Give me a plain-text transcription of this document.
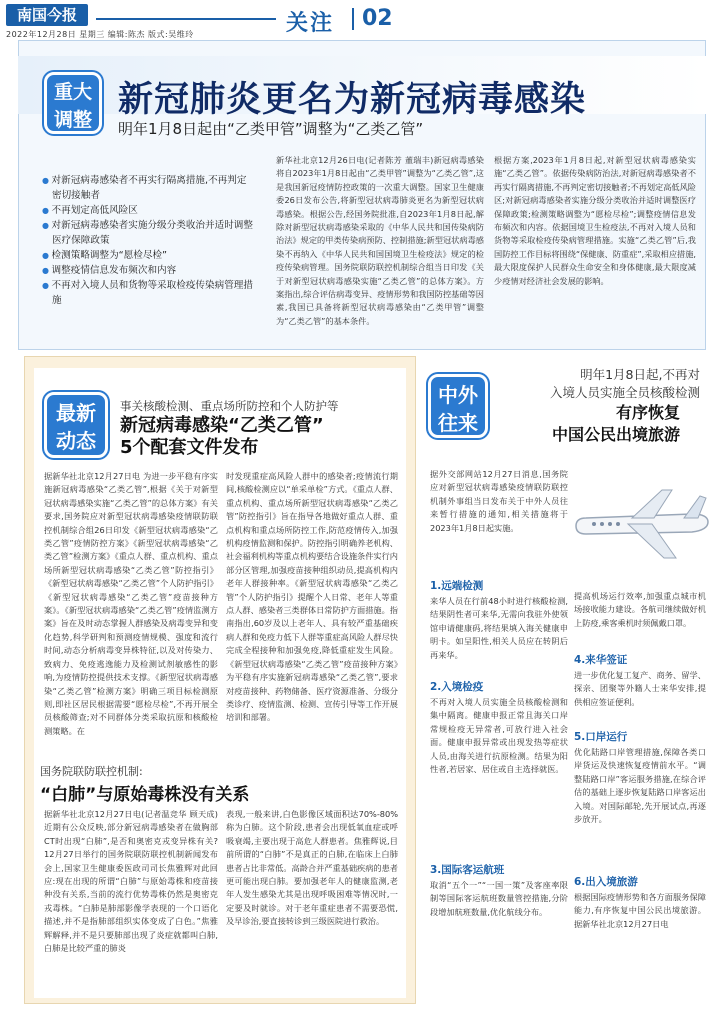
南国今报
2022年12月28日 星期三 编辑:陈杰 版式:吴维玲	关注 02
重大
调整 新冠肺炎更名为新冠病毒感染
明年1月8日起由“乙类甲管”调整为“乙类乙管”
● 对新冠病毒感染者不再实行隔离措施,不再判定密切接触者
● 不再划定高低风险区
● 对新冠病毒感染者实施分级分类收治并适时调整医疗保障政策
● 检测策略调整为“愿检尽检”
● 调整疫情信息发布频次和内容
● 不再对入境人员和货物等采取检疫传染病管理措施
新华社北京12月26日电(记者陈芳 董瑞丰)新冠病毒感染将自2023年1月8日起由“乙类甲管”调整为“乙类乙管”,这是我国新冠疫情防控政策的一次重大调整。国家卫生健康委26日发布公告,将新型冠状病毒肺炎更名为新型冠状病毒感染。根据公告,经国务院批准,自2023年1月8日起,解除对新型冠状病毒感染采取的《中华人民共和国传染病防治法》规定的甲类传染病预防、控制措施;新型冠状病毒感染不再纳入《中华人民共和国国境卫生检疫法》规定的检疫传染病管理。国务院联防联控机制综合组当日印发《关于对新型冠状病毒感染实施“乙类乙管”的总体方案》。方案指出,综合评估病毒变异、疫情形势和我国防控基础等因素,我国已具备将新型冠状病毒感染由“乙类甲管”调整为“乙类乙管”的基本条件。
根据方案,2023年1月8日起,对新型冠状病毒感染实施“乙类乙管”。依据传染病防治法,对新冠病毒感染者不再实行隔离措施,不再判定密切接触者;不再划定高低风险区;对新冠病毒感染者实施分级分类收治并适时调整医疗保障政策;检测策略调整为“愿检尽检”;调整疫情信息发布频次和内容。依据国境卫生检疫法,不再对入境人员和货物等采取检疫传染病管理措施。实施“乙类乙管”后,我国防控工作目标将围绕“保健康、防重症”,采取相应措施,最大限度保护人民群众生命安全和身体健康,最大限度减少疫情对经济社会发展的影响。
最新
动态
事关核酸检测、重点场所防控和个人防护等
新冠病毒感染“乙类乙管”
5个配套文件发布
据新华社北京12月27日电 为进一步平稳有序实施新冠病毒感染“乙类乙管”,根据《关于对新型冠状病毒感染实施“乙类乙管”的总体方案》有关要求,国务院应对新型冠状病毒感染疫情联防联控机制综合组26日印发《新型冠状病毒感染“乙类乙管”疫情防控方案》《新型冠状病毒感染“乙类乙管”检测方案》《重点人群、重点机构、重点场所新型冠状病毒感染“乙类乙管”防控指引》《新型冠状病毒感染“乙类乙管”个人防护指引》《新型冠状病毒感染“乙类乙管”疫苗接种方案》。《新型冠状病毒感染“乙类乙管”疫情监测方案》旨在及时动态掌握人群感染及病毒变异和变化趋势,科学研判和预测疫情规模、强度和流行时间,动态分析病毒变异株特征,以及对传染力、致病力、免疫逃逸能力及检测试剂敏感性的影响,为疫情防控提供技术支撑。《新型冠状病毒感染“乙类乙管”检测方案》明确三项目标检测原则,即社区居民根据需要“愿检尽检”,不再开展全员核酸筛查;对不同群体分类采取抗原和核酸检测策略。在
时发现重症高风险人群中的感染者;疫情流行期间,核酸检测应以“单采单检”方式。《重点人群、重点机构、重点场所新型冠状病毒感染“乙类乙管”防控指引》旨在指导各地做好重点人群、重点机构和重点场所防控工作,防范疫情传入,加强机构疫情监测和保护。防控指引明确养老机构、社会福利机构等重点机构要结合设施条件实行内部分区管理,加强疫苗接种组织动员,提高机构内老年人群接种率。《新型冠状病毒感染“乙类乙管”个人防护指引》提醒个人日常、老年人等重点人群、感染者三类群体日常防护方面措施。指南指出,60岁及以上老年人、具有较严重基础疾病人群和免疫力低下人群等重症高风险人群尽快完成全程接种和加强免疫,降低重症发生风险。《新型冠状病毒感染“乙类乙管”疫苗接种方案》为平稳有序实施新冠病毒感染“乙类乙管”,要求对疫苗接种、药物储备、医疗资源准备、分级分类诊疗、疫情监测、检测、宣传引导等工作开展培训和部署。
国务院联防联控机制:
“白肺”与原始毒株没有关系
据新华社北京12月27日电(记者温竞华 顾天成)近期有公众反映,部分新冠病毒感染者在做胸部CT时出现“白肺”,是否和奥密克戎变异株有关?12月27日举行的国务院联防联控机制新闻发布会上,国家卫生健康委医政司司长焦雅辉对此回应:现在出现的所谓“白肺”与原始毒株和疫苗接种没有关系,当前的流行优势毒株仍然是奥密克戎毒株。“白肺是肺部影像学表现的一个口语化描述,并不是指肺部组织实体变成了白色。”焦雅辉解释,并不是只要肺部出现了炎症就都叫白肺,白肺是比较严重的肺炎
表现,一般来讲,白色影像区域面积达70%-80%称为白肺。这个阶段,患者会出现低氧血症或呼吸衰竭,主要出现于高危人群患者。焦雅辉说,目前所谓的“白肺”不是真正的白肺,在临床上白肺患者占比非常低。高龄合并严重基础疾病的患者更可能出现白肺。要加强老年人的健康监测,老年人发生感染尤其是出现呼吸困难等情况时,一定要及时就诊。对于老年重症患者不需要恐慌,及早诊治,要直接转诊到三级医院进行救治。
中外
往来
明年1月8日起,不再对
入境人员实施全员核酸检测
有序恢复
中国公民出境旅游
据外交部网站12月27日消息,国务院应对新型冠状病毒感染疫情联防联控机制外事组当日发布关于中外人员往来暂行措施的通知,相关措施将于2023年1月8日起实施。
1.远端检测
来华人员在行前48小时进行核酸检测,结果阴性者可来华,无需向我驻外使领馆申请健康码,将结果填入海关健康申明卡。如呈阳性,相关人员应在转阴后再来华。
2.入境检疫
不再对入境人员实施全员核酸检测和集中隔离。健康申报正常且海关口岸常规检疫无异常者,可放行进入社会面。健康申报异常或出现发热等症状人员,由海关进行抗原检测。结果为阳性者,若居家、居住或自主选择就医。
3.国际客运航班
取消“五个一”“一国一策”及客座率限制等国际客运航班数量管控措施,分阶段增加航班数量,优化航线分布。
提高机场运行效率,加强重点城市机场接收能力建设。各航司继续做好机上防疫,乘客乘机时须佩戴口罩。
4.来华签证
进一步优化复工复产、商务、留学、探亲、团聚等外籍人士来华安排,提供相应签证便利。
5.口岸运行
优化陆路口岸管理措施,保障各类口岸货运及快速恢复疫情前水平。“调整陆路口岸”客运服务措施,在综合评估的基础上逐步恢复陆路口岸客运出入境。对国际邮轮,先开展试点,再逐步放开。
6.出入境旅游
根据国际疫情形势和各方面服务保障能力,有序恢复中国公民出境旅游。据新华社北京12月27日电
